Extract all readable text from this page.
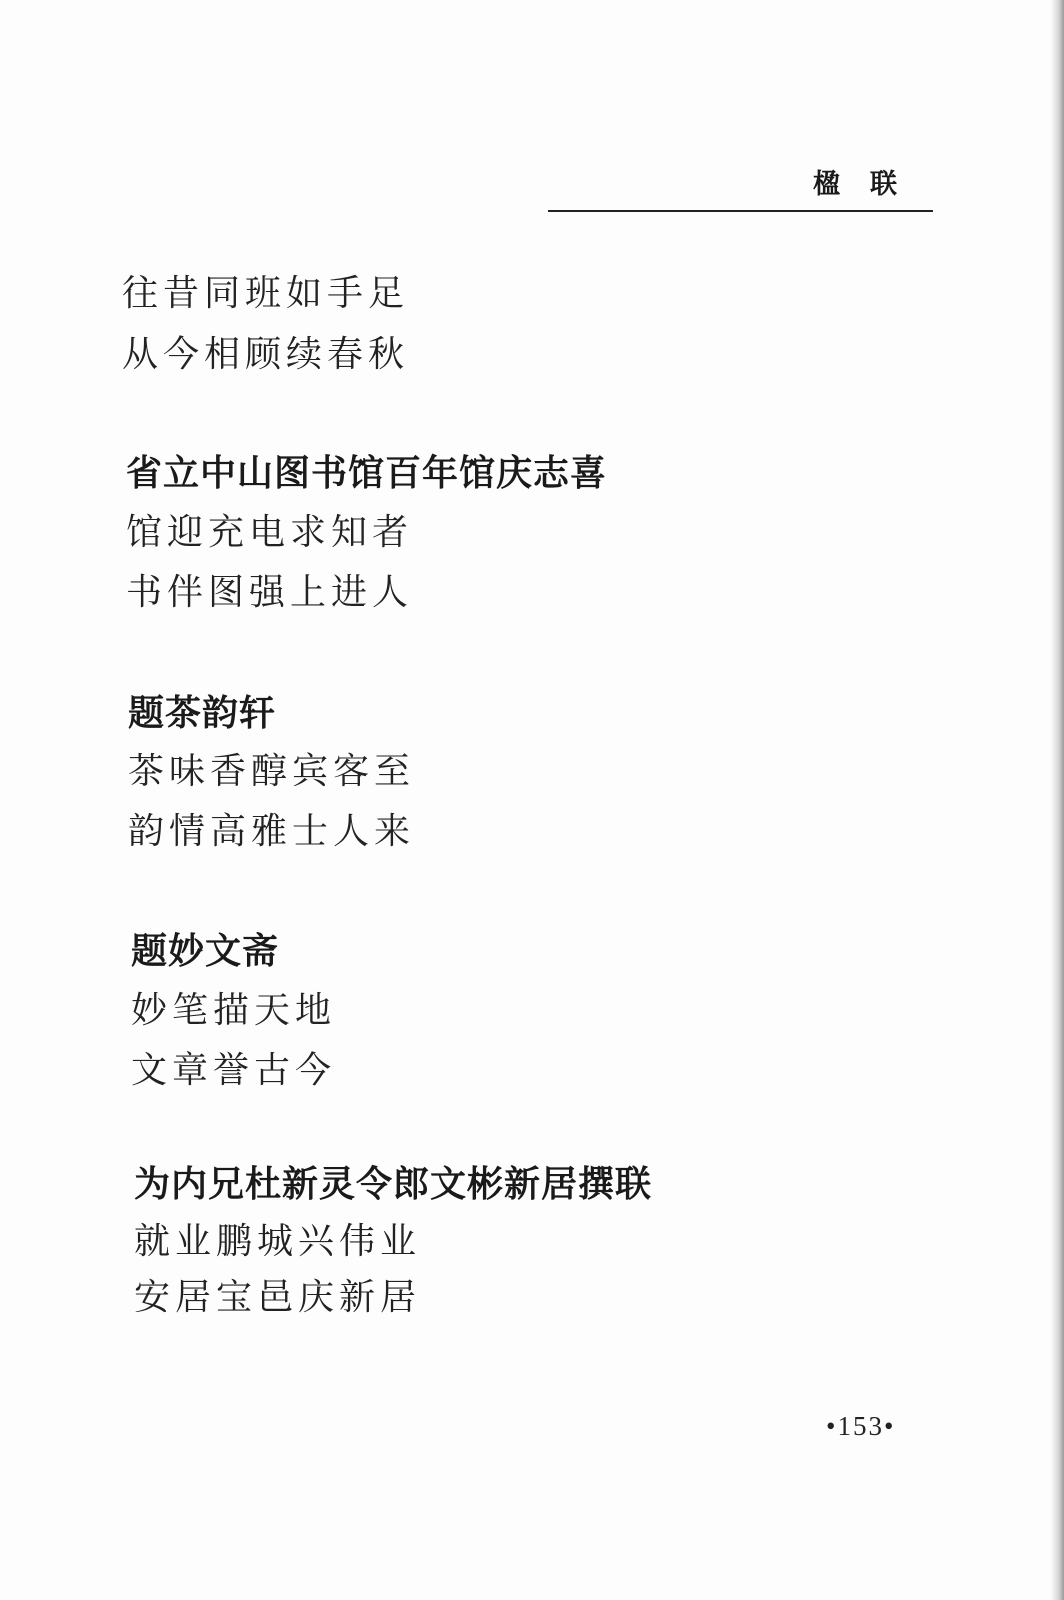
楹联
往昔同班如手足
从今相顾续春秋
省立中山图书馆百年馆庆志喜
馆迎充电求知者
书伴图强上进人
题茶韵轩
茶味香醇宾客至
韵情高雅士人来
题妙文斋
妙笔描天地
文章誉古今
为内兄杜新灵令郎文彬新居撰联
就业鹏城兴伟业
安居宝邑庆新居
•153•
